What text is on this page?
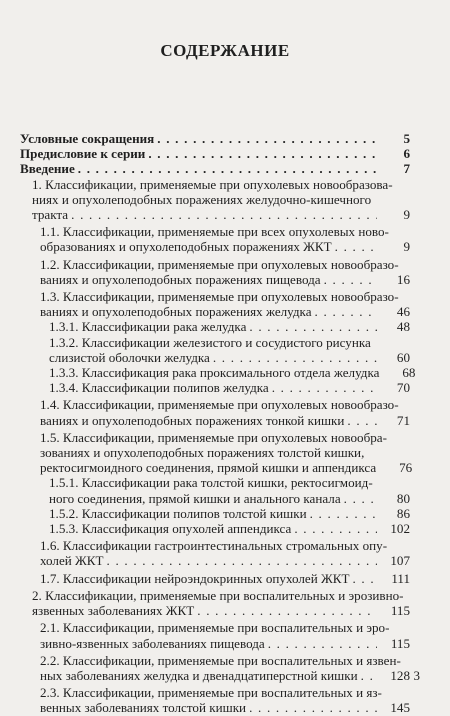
СОДЕРЖАНИЕ
Условные сокращения . . .	5
Предисловие к серии . . .	6
Введение . . .	7
1. Классификации, применяемые при опухолевых новообразова-
ниях и опухолеподобных поражениях желудочно-кишечного
тракта . . .	9
1.1. Классификации, применяемые при всех опухолевых ново-
образованиях и опухолеподобных поражениях ЖКТ . . .	9
1.2. Классификации, применяемые при опухолевых новообразо-
ваниях и опухолеподобных поражениях пищевода . . .	16
1.3. Классификации, применяемые при опухолевых новообразо-
ваниях и опухолеподобных поражениях желудка . . .	46
1.3.1. Классификации рака желудка . . .	48
1.3.2. Классификации железистого и сосудистого рисунка
слизистой оболочки желудка . . .	60
1.3.3. Классификация рака проксимального отдела желудка	68
1.3.4. Классификации полипов желудка . . .	70
1.4. Классификации, применяемые при опухолевых новообразо-
ваниях и опухолеподобных поражениях тонкой кишки . . .	71
1.5. Классификации, применяемые при опухолевых новообра-
зованиях и опухолеподобных поражениях толстой кишки,
ректосигмоидного соединения, прямой кишки и аппендикса	76
1.5.1. Классификации рака толстой кишки, ректосигмоид-
ного соединения, прямой кишки и анального канала . . .	80
1.5.2. Классификации полипов толстой кишки . . .	86
1.5.3. Классификация опухолей аппендикса . . .	102
1.6. Классификации гастроинтестинальных стромальных опу-
холей ЖКТ . . .	107
1.7. Классификации нейроэндокринных опухолей ЖКТ . . .	111
2. Классификации, применяемые при воспалительных и эрозивно-
язвенных заболеваниях ЖКТ . . .	115
2.1. Классификации, применяемые при воспалительных и эро-
зивно-язвенных заболеваниях пищевода . . .	115
2.2. Классификации, применяемые при воспалительных и язвен-
ных заболеваниях желудка и двенадцатиперстной кишки . . .	128
2.3. Классификации, применяемые при воспалительных и яз-
венных заболеваниях толстой кишки . . .	145
3
